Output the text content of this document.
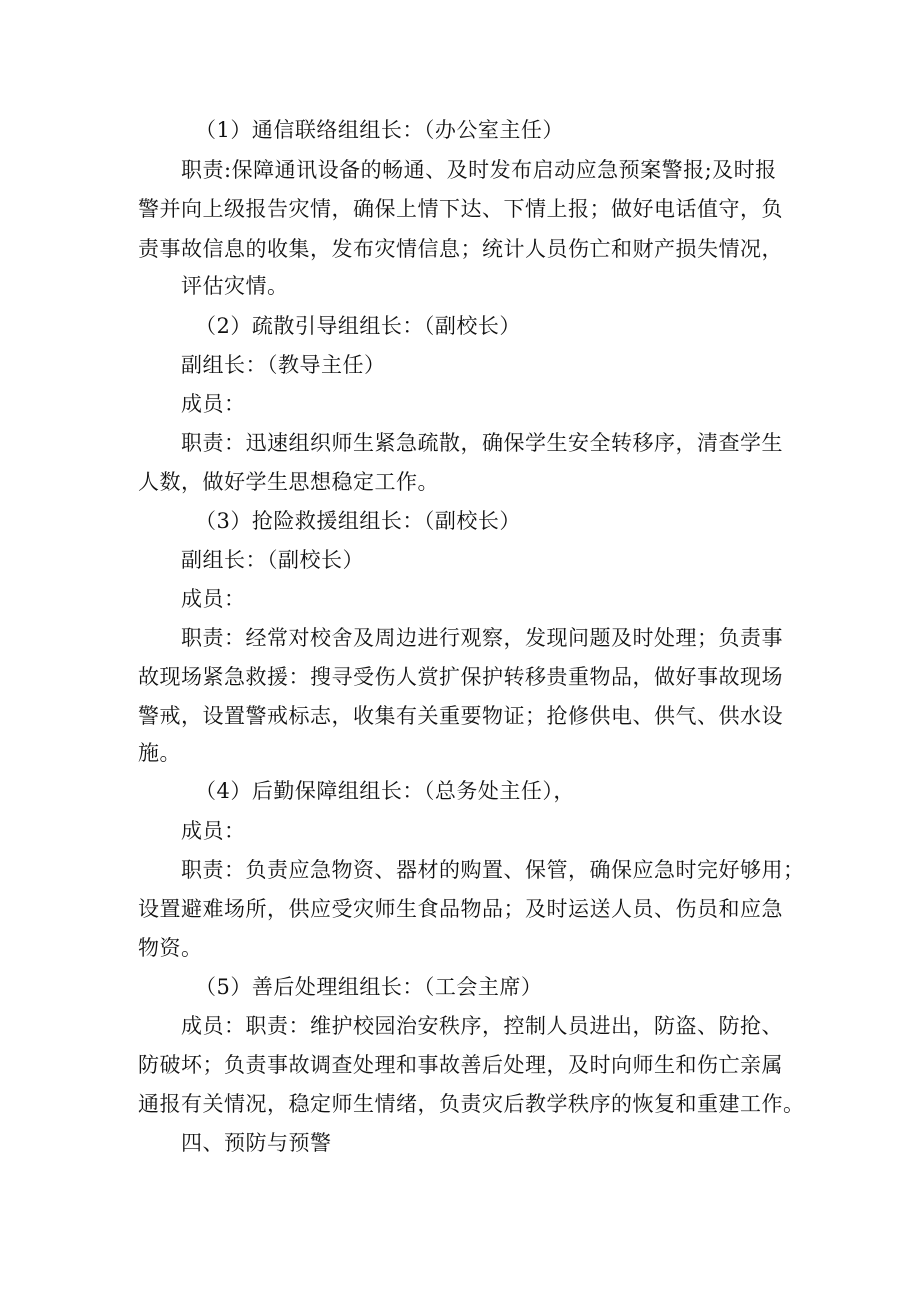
（1）通信联络组组长：（办公室主任）
职责:保障通讯设备的畅通、及时发布启动应急预案警报;及时报
警并向上级报告灾情，确保上情下达、下情上报；做好电话值守，负
责事故信息的收集，发布灾情信息；统计人员伤亡和财产损失情况，
评估灾情。
（2）疏散引导组组长：（副校长）
副组长：（教导主任）
成员：
职责：迅速组织师生紧急疏散，确保学生安全转移序，清查学生
人数，做好学生思想稳定工作。
（3）抢险救援组组长：（副校长）
副组长：（副校长）
成员：
职责：经常对校舍及周边进行观察，发现问题及时处理；负责事
故现场紧急救援：搜寻受伤人赏扩保护转移贵重物品，做好事故现场
警戒，设置警戒标志，收集有关重要物证；抢修供电、供气、供水设
施。
（4）后勤保障组组长：（总务处主任），
成员：
职责：负责应急物资、器材的购置、保管，确保应急时完好够用；
设置避难场所，供应受灾师生食品物品；及时运送人员、伤员和应急
物资。
（5）善后处理组组长：（工会主席）
成员：职责：维护校园治安秩序，控制人员进出，防盗、防抢、
防破坏；负责事故调查处理和事故善后处理，及时向师生和伤亡亲属
通报有关情况，稳定师生情绪，负责灾后教学秩序的恢复和重建工作。
四、预防与预警
